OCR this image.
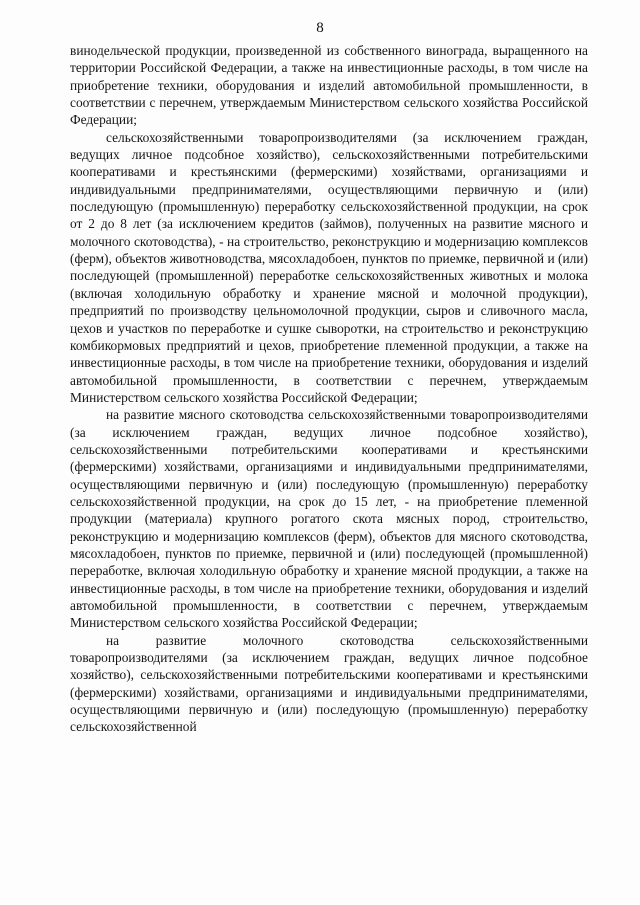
8

винодельческой продукции, произведенной из собственного винограда, выращенного на территории Российской Федерации, а также на инвестиционные расходы, в том числе на приобретение техники, оборудования и изделий автомобильной промышленности, в соответствии с перечнем, утверждаемым Министерством сельского хозяйства Российской Федерации;

сельскохозяйственными товаропроизводителями (за исключением граждан, ведущих личное подсобное хозяйство), сельскохозяйственными потребительскими кооперативами и крестьянскими (фермерскими) хозяйствами, организациями и индивидуальными предпринимателями, осуществляющими первичную и (или) последующую (промышленную) переработку сельскохозяйственной продукции, на срок от 2 до 8 лет (за исключением кредитов (займов), полученных на развитие мясного и молочного скотоводства), - на строительство, реконструкцию и модернизацию комплексов (ферм), объектов животноводства, мясохладобоен, пунктов по приемке, первичной и (или) последующей (промышленной) переработке сельскохозяйственных животных и молока (включая холодильную обработку и хранение мясной и молочной продукции), предприятий по производству цельномолочной продукции, сыров и сливочного масла, цехов и участков по переработке и сушке сыворотки, на строительство и реконструкцию комбикормовых предприятий и цехов, приобретение племенной продукции, а также на инвестиционные расходы, в том числе на приобретение техники, оборудования и изделий автомобильной промышленности, в соответствии с перечнем, утверждаемым Министерством сельского хозяйства Российской Федерации;

на развитие мясного скотоводства сельскохозяйственными товаропроизводителями (за исключением граждан, ведущих личное подсобное хозяйство), сельскохозяйственными потребительскими кооперативами и крестьянскими (фермерскими) хозяйствами, организациями и индивидуальными предпринимателями, осуществляющими первичную и (или) последующую (промышленную) переработку сельскохозяйственной продукции, на срок до 15 лет, - на приобретение племенной продукции (материала) крупного рогатого скота мясных пород, строительство, реконструкцию и модернизацию комплексов (ферм), объектов для мясного скотоводства, мясохладобоен, пунктов по приемке, первичной и (или) последующей (промышленной) переработке, включая холодильную обработку и хранение мясной продукции, а также на инвестиционные расходы, в том числе на приобретение техники, оборудования и изделий автомобильной промышленности, в соответствии с перечнем, утверждаемым Министерством сельского хозяйства Российской Федерации;

на развитие молочного скотоводства сельскохозяйственными товаропроизводителями (за исключением граждан, ведущих личное подсобное хозяйство), сельскохозяйственными потребительскими кооперативами и крестьянскими (фермерскими) хозяйствами, организациями и индивидуальными предпринимателями, осуществляющими первичную и (или) последующую (промышленную) переработку сельскохозяйственной
